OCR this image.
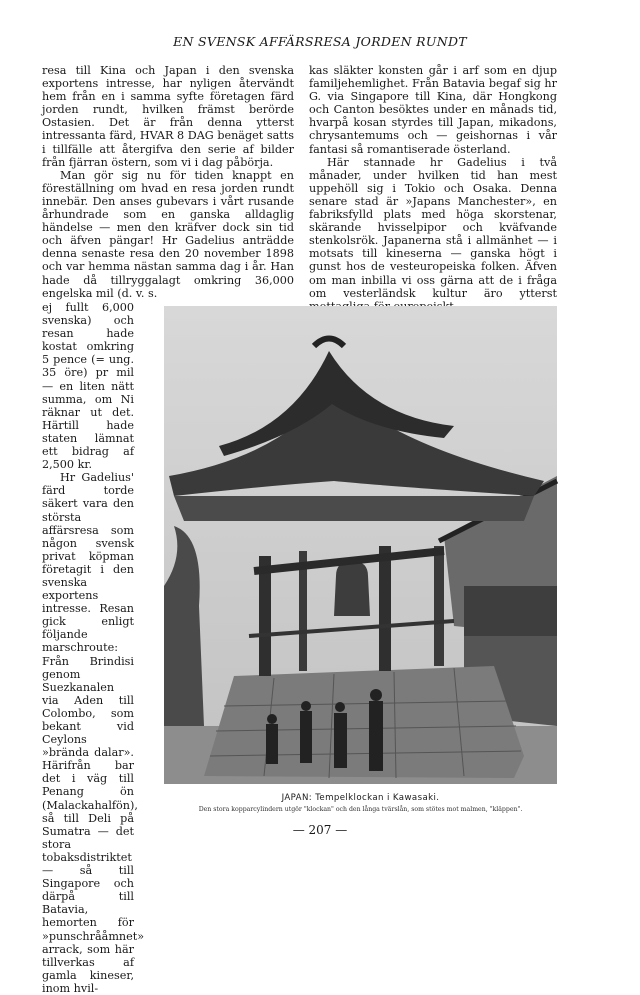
EN SVENSK AFFÄRSRESA JORDEN RUNDT

resa till Kina och Japan i den svenska exportens intresse, har nyligen återvändt hem från en i samma syfte företagen färd jorden rundt, hvilken främst berörde Ostasien. Det är från denna ytterst intressanta färd, HVAR 8 DAG benäget satts i tillfälle att återgifva den serie af bilder från fjärran östern, som vi i dag påbörja.

Man gör sig nu för tiden knappt en föreställning om hvad en resa jorden rundt innebär. Den anses gubevars i vårt rusande århundrade som en ganska alldaglig händelse — men den kräfver dock sin tid och äfven pängar! Hr Gadelius anträdde denna senaste resa den 20 november 1898 och var hemma nästan samma dag i år. Han hade då tillryggalagt omkring 36,000 engelska mil (d. v. s.

ej fullt 6,000 svenska) och resan hade kostat omkring 5 pence (= ung. 35 öre) pr mil — en liten nätt summa, om Ni räknar ut det. Härtill hade staten lämnat ett bidrag af 2,500 kr.

Hr Gadelius' färd torde säkert vara den största affärsresa som någon svensk privat köpman företagit i den svenska exportens intresse. Resan gick enligt följande marschroute: Från Brindisi genom Suezkanalen via Aden till Colombo, som bekant vid Ceylons »brända dalar». Härifrån bar det i väg till Penang ön (Malackahalfön), så till Deli på Sumatra — det stora tobaksdistriktet — så till Singapore och därpå till Batavia, hemorten för »punschrååmnet» arrack, som här tillverkas af gamla kineser, inom hvil-

kas släkter konsten går i arf som en djup familjehemlighet. Från Batavia begaf sig hr G. via Singapore till Kina, där Hongkong och Canton besöktes under en månads tid, hvarpå kosan styrdes till Japan, mikadons, chrysantemums och — geishornas i vår fantasi så romantiserade österland.

Här stannade hr Gadelius i två månader, under hvilken tid han mest uppehöll sig i Tokio och Osaka. Denna senare stad är »Japans Manchester», en fabriksfylld plats med höga skorstenar, skärande hvisselpipor och kväfvande stenkolsrök. Japanerna stå i allmänhet — i motsats till kineserna — ganska högt i gunst hos de vesteuropeiska folken. Äfven om man inbilla vi oss gärna att de i fråga om vesterländsk kultur äro ytterst

JAPAN: Tempelklockan i Kawasaki.
Den stora kopparcylindern utgör "klockan" och den långa tvärslån, som stötes mot malmen, "kläppen".
— 207 —
